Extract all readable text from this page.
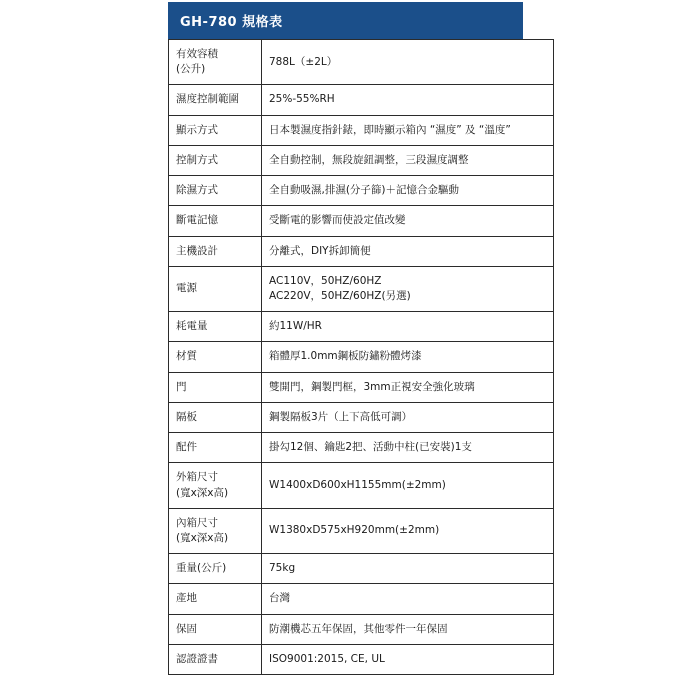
GH-780 規格表
有效容積
(公升)	788L（±2L）

濕度控制範圍	25%-55%RH

顯示方式	日本製濕度指針錶，即時顯示箱內 “濕度” 及 “溫度”

控制方式	全自動控制，無段旋鈕調整，三段濕度調整

除濕方式	全自動吸濕,排濕(分子篩)＋記憶合金驅動

斷電記憶	受斷電的影響而使設定值改變

主機設計	分離式，DIY拆卸簡便

電源	AC110V，50HZ/60HZ
AC220V，50HZ/60HZ(另選)

耗電量	約11W/HR

材質	箱體厚1.0mm鋼板防鏽粉體烤漆

門	雙開門，鋼製門框，3mm正視安全強化玻璃

隔板	鋼製隔板3片（上下高低可調）

配件	掛勾12個、鑰匙2把、活動中柱(已安裝)1支

外箱尺寸
(寬x深x高)	W1400xD600xH1155mm(±2mm)

內箱尺寸
(寬x深x高)	W1380xD575xH920mm(±2mm)

重量(公斤)	75kg

產地	台灣

保固	防潮機芯五年保固，其他零件一年保固

認證證書	ISO9001:2015, CE, UL
